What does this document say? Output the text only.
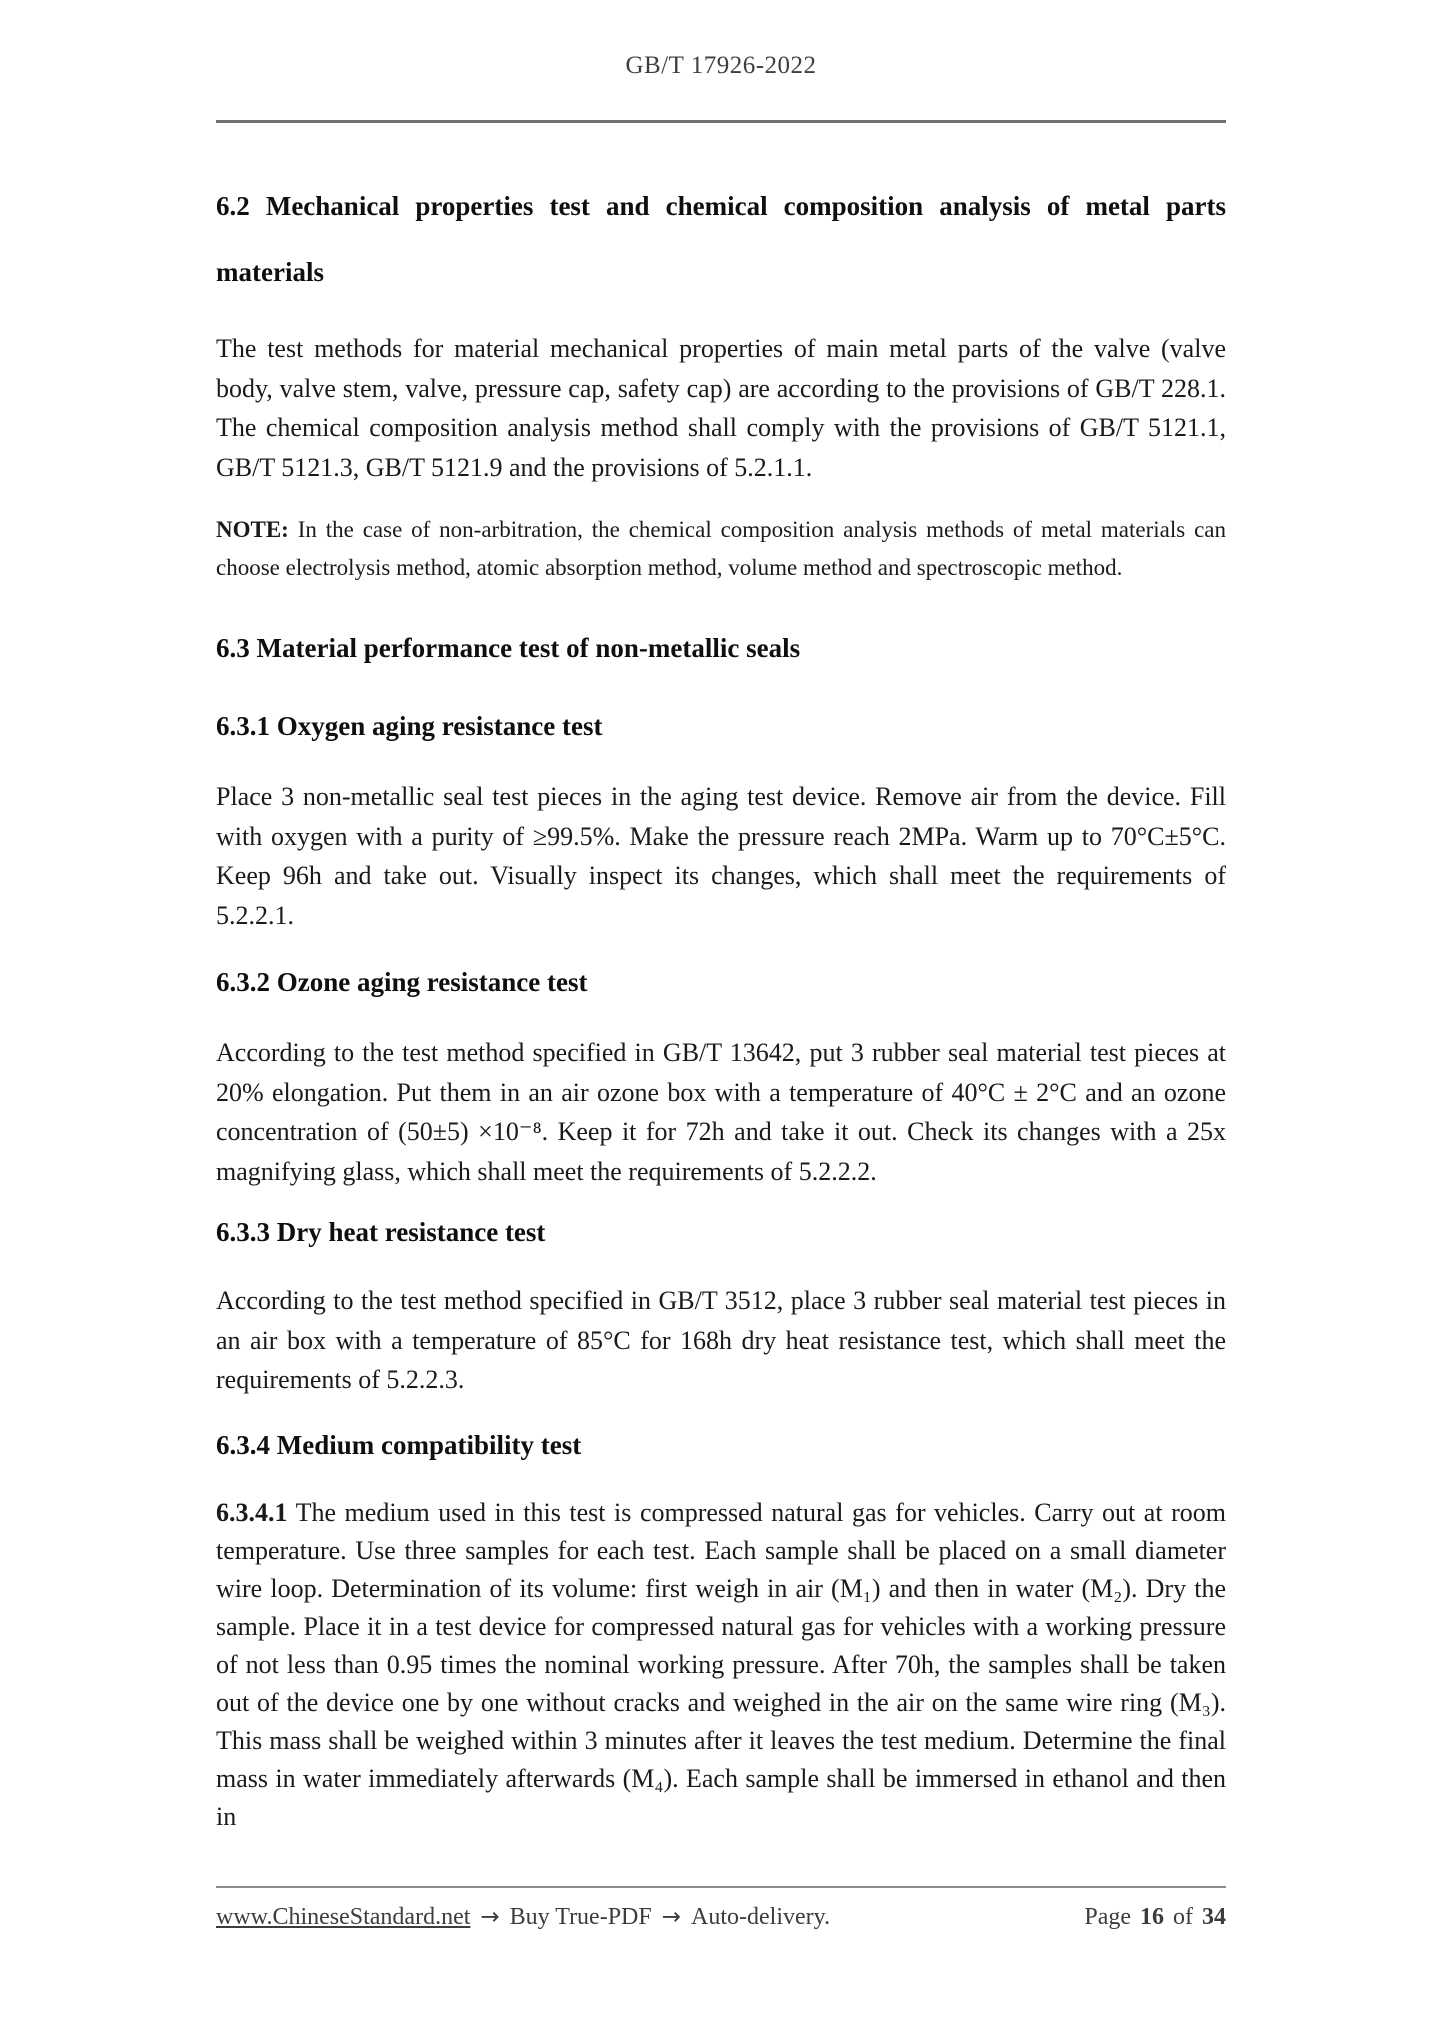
GB/T 17926-2022
6.2 Mechanical properties test and chemical composition analysis of metal parts
materials
The test methods for material mechanical properties of main metal parts of the valve (valve body, valve stem, valve, pressure cap, safety cap) are according to the provisions of GB/T 228.1. The chemical composition analysis method shall comply with the provisions of GB/T 5121.1, GB/T 5121.3, GB/T 5121.9 and the provisions of 5.2.1.1.
NOTE: In the case of non-arbitration, the chemical composition analysis methods of metal materials can choose electrolysis method, atomic absorption method, volume method and spectroscopic method.
6.3 Material performance test of non-metallic seals
6.3.1 Oxygen aging resistance test
Place 3 non-metallic seal test pieces in the aging test device. Remove air from the device. Fill with oxygen with a purity of ≥99.5%. Make the pressure reach 2MPa. Warm up to 70°C±5°C. Keep 96h and take out. Visually inspect its changes, which shall meet the requirements of 5.2.2.1.
6.3.2 Ozone aging resistance test
According to the test method specified in GB/T 13642, put 3 rubber seal material test pieces at 20% elongation. Put them in an air ozone box with a temperature of 40°C ± 2°C and an ozone concentration of (50±5) ×10⁻⁸. Keep it for 72h and take it out. Check its changes with a 25x magnifying glass, which shall meet the requirements of 5.2.2.2.
6.3.3 Dry heat resistance test
According to the test method specified in GB/T 3512, place 3 rubber seal material test pieces in an air box with a temperature of 85°C for 168h dry heat resistance test, which shall meet the requirements of 5.2.2.3.
6.3.4 Medium compatibility test
6.3.4.1 The medium used in this test is compressed natural gas for vehicles. Carry out at room temperature. Use three samples for each test. Each sample shall be placed on a small diameter wire loop. Determination of its volume: first weigh in air (M₁) and then in water (M₂). Dry the sample. Place it in a test device for compressed natural gas for vehicles with a working pressure of not less than 0.95 times the nominal working pressure. After 70h, the samples shall be taken out of the device one by one without cracks and weighed in the air on the same wire ring (M₃). This mass shall be weighed within 3 minutes after it leaves the test medium. Determine the final mass in water immediately afterwards (M₄). Each sample shall be immersed in ethanol and then in
www.ChineseStandard.net → Buy True-PDF → Auto-delivery.	Page 16 of 34
